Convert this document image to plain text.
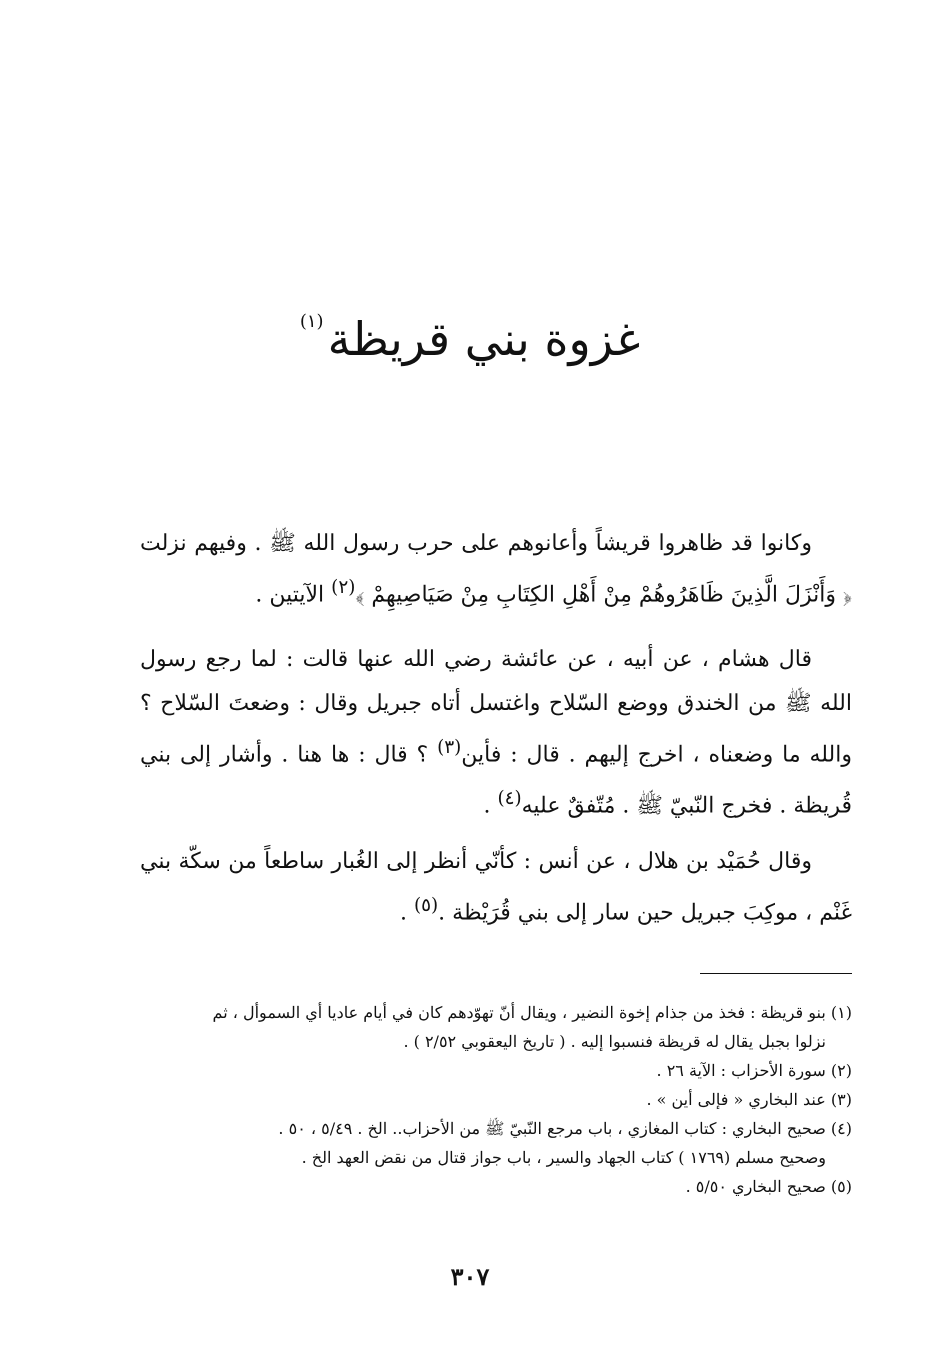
غزوة بني قريظة$^{(١)}$

وكانوا قد ظاهروا قريشاً وأعانوهم على حرب رسول الله ﷺ . وفيهم نزلت ﴿ وَأَنْزَلَ الَّذِينَ ظَاهَرُوهُمْ مِنْ أَهْلِ الكِتَابِ مِنْ صَيَاصِيهِمْ ﴾$^{(٢)}$ الآيتين .

قال هشام ، عن أبيه ، عن عائشة رضي الله عنها قالت : لما رجع رسول الله ﷺ من الخندق ووضع السّلاح واغتسل أتاه جبريل وقال : وضعتَ السّلاح ؟ والله ما وضعناه ، اخرج إليهم . قال : فأين$^{(٣)}$ ؟ قال : ها هنا . وأشار إلى بني قُريظة . فخرج النّبيّ ﷺ . مُتّفقٌ عليه$^{(٤)}$ .

وقال حُمَيْد بن هلال ، عن أنس : كأنّي أنظر إلى الغُبار ساطعاً من سكّة بني غَنْم ، موكِبَ جبريل حين سار إلى بني قُرَيْظة .$^{(٥)}$ .

(١) بنو قريظة : فخذ من جذام إخوة النضير ، ويقال أنّ تهوّدهم كان في أيام عاديا أي السموأل ، ثم
نزلوا بجبل يقال له قريظة فنسبوا إليه . ( تاريخ اليعقوبي ٢/٥٢ ) .

(٢) سورة الأحزاب : الآية ٢٦ .

(٣) عند البخاري « فإلى أين » .

(٤) صحيح البخاري : كتاب المغازي ، باب مرجع النّبيّ ﷺ من الأحزاب.. الخ . ٥/٤٩ ، ٥٠ .
وصحيح مسلم (١٧٦٩ ) كتاب الجهاد والسير ، باب جواز قتال من نقض العهد الخ .

(٥) صحيح البخاري ٥/٥٠ .

٣٠٧
